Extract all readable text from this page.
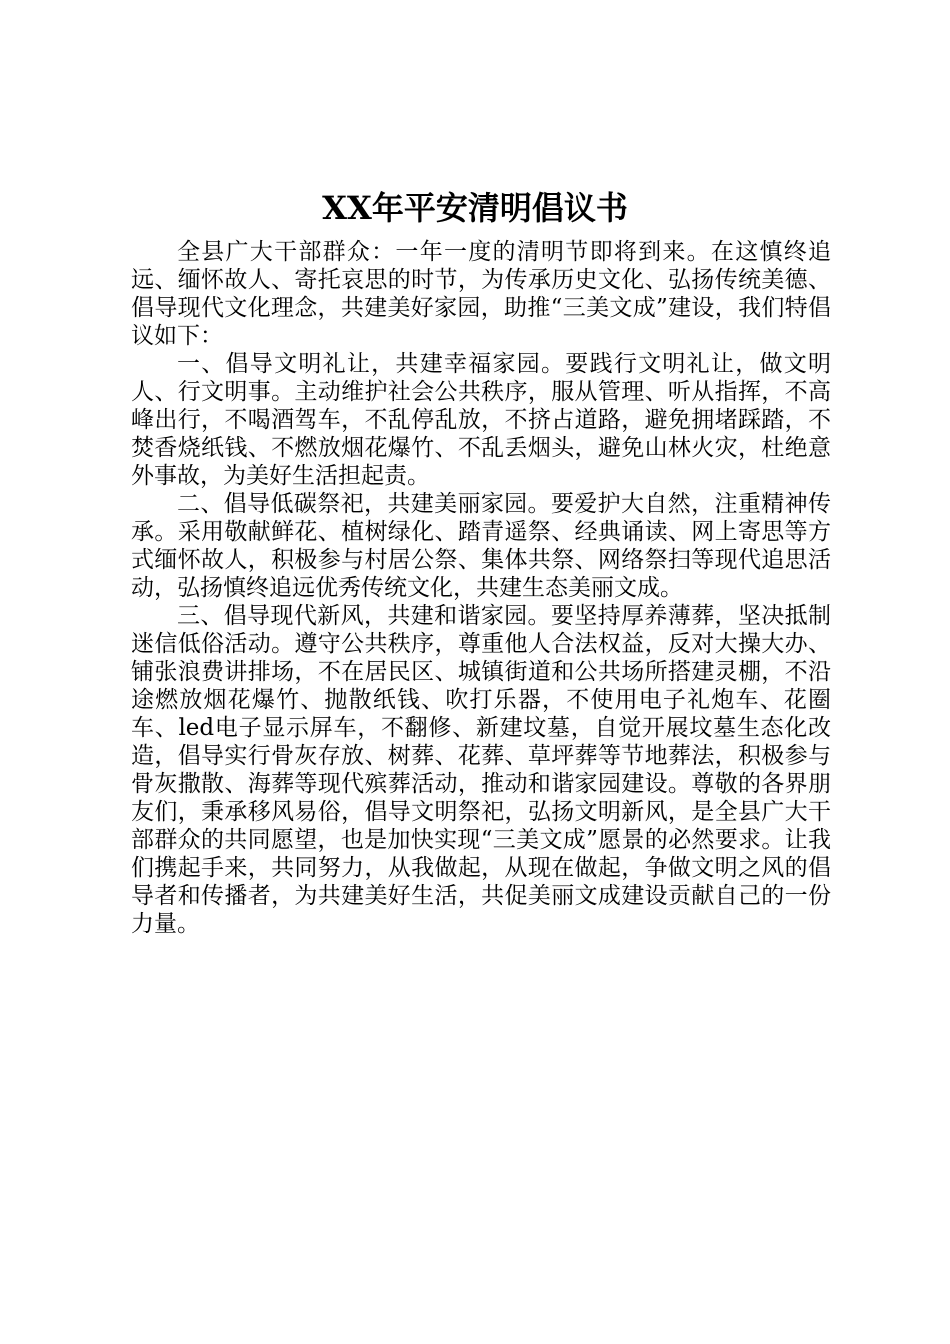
XX年平安清明倡议书

全县广大干部群众：一年一度的清明节即将到来。在这慎终追远、缅怀故人、寄托哀思的时节，为传承历史文化、弘扬传统美德、倡导现代文化理念，共建美好家园，助推“三美文成”建设，我们特倡议如下：

一、倡导文明礼让，共建幸福家园。要践行文明礼让，做文明人、行文明事。主动维护社会公共秩序，服从管理、听从指挥，不高峰出行，不喝酒驾车，不乱停乱放，不挤占道路，避免拥堵踩踏，不焚香烧纸钱、不燃放烟花爆竹、不乱丢烟头，避免山林火灾，杜绝意外事故，为美好生活担起责。

二、倡导低碳祭祀，共建美丽家园。要爱护大自然，注重精神传承。采用敬献鲜花、植树绿化、踏青遥祭、经典诵读、网上寄思等方式缅怀故人，积极参与村居公祭、集体共祭、网络祭扫等现代追思活动，弘扬慎终追远优秀传统文化，共建生态美丽文成。

三、倡导现代新风，共建和谐家园。要坚持厚养薄葬，坚决抵制迷信低俗活动。遵守公共秩序，尊重他人合法权益，反对大操大办、铺张浪费讲排场，不在居民区、城镇街道和公共场所搭建灵棚，不沿途燃放烟花爆竹、抛散纸钱、吹打乐器，不使用电子礼炮车、花圈车、led电子显示屏车，不翻修、新建坟墓，自觉开展坟墓生态化改造，倡导实行骨灰存放、树葬、花葬、草坪葬等节地葬法，积极参与骨灰撒散、海葬等现代殡葬活动，推动和谐家园建设。尊敬的各界朋友们，秉承移风易俗，倡导文明祭祀，弘扬文明新风，是全县广大干部群众的共同愿望，也是加快实现“三美文成”愿景的必然要求。让我们携起手来，共同努力，从我做起，从现在做起，争做文明之风的倡导者和传播者，为共建美好生活，共促美丽文成建设贡献自己的一份力量。
